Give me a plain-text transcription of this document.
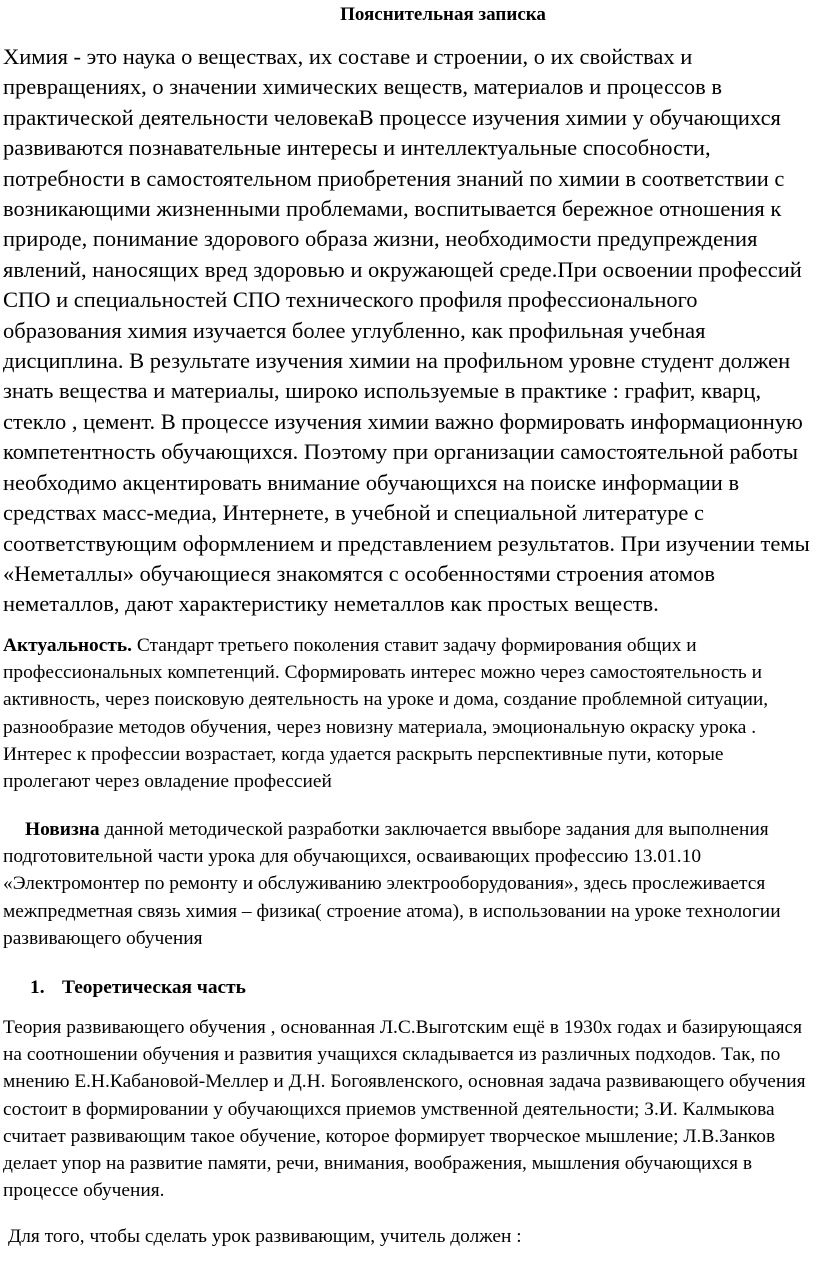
Пояснительная записка

Химия - это наука о веществах, их составе и строении, о их свойствах и превращениях, о значении химических веществ, материалов и процессов в практической деятельности человекаВ процессе изучения химии у обучающихся развиваются познавательные интересы и интеллектуальные способности, потребности в самостоятельном приобретения знаний по химии в соответствии с возникающими жизненными проблемами, воспитывается бережное отношения к природе, понимание здорового образа жизни, необходимости предупреждения явлений, наносящих вред здоровью и окружающей среде.При освоении профессий СПО и специальностей СПО технического профиля профессионального образования химия изучается более углубленно, как профильная учебная дисциплина. В результате изучения химии на профильном уровне студент должен знать вещества и материалы, широко используемые в практике : графит, кварц, стекло , цемент. В процессе изучения химии важно формировать информационную компетентность обучающихся. Поэтому при организации самостоятельной работы необходимо акцентировать внимание обучающихся на поиске информации в средствах масс-медиа, Интернете, в учебной и специальной литературе с соответствующим оформлением и представлением результатов. При изучении темы «Неметаллы» обучающиеся знакомятся с особенностями строения атомов неметаллов, дают характеристику неметаллов как простых веществ.

Актуальность. Стандарт третьего поколения ставит задачу формирования общих и профессиональных компетенций. Сформировать интерес можно через самостоятельность и активность, через поисковую деятельность на уроке и дома, создание проблемной ситуации, разнообразие методов обучения, через новизну материала, эмоциональную окраску урока . Интерес к профессии возрастает, когда удается раскрыть перспективные пути, которые пролегают через овладение профессией

Новизна данной методической разработки заключается ввыборе задания для выполнения подготовительной части урока для обучающихся, осваивающих профессию 13.01.10 «Электромонтер по ремонту и обслуживанию электрооборудования», здесь прослеживается межпредметная связь химия – физика( строение атома), в использовании на уроке технологии развивающего обучения

1. Теоретическая часть

Теория развивающего обучения , основанная Л.С.Выготским ещё в 1930х годах и базирующаяся на соотношении обучения и развития учащихся складывается из различных подходов. Так, по мнению Е.Н.Кабановой-Меллер и Д.Н. Богоявленского, основная задача развивающего обучения состоит в формировании у обучающихся приемов умственной деятельности; З.И. Калмыкова считает развивающим такое обучение, которое формирует творческое мышление; Л.В.Занков делает упор на развитие памяти, речи, внимания, воображения, мышления обучающихся в процессе обучения.

Для того, чтобы сделать урок развивающим, учитель должен :
